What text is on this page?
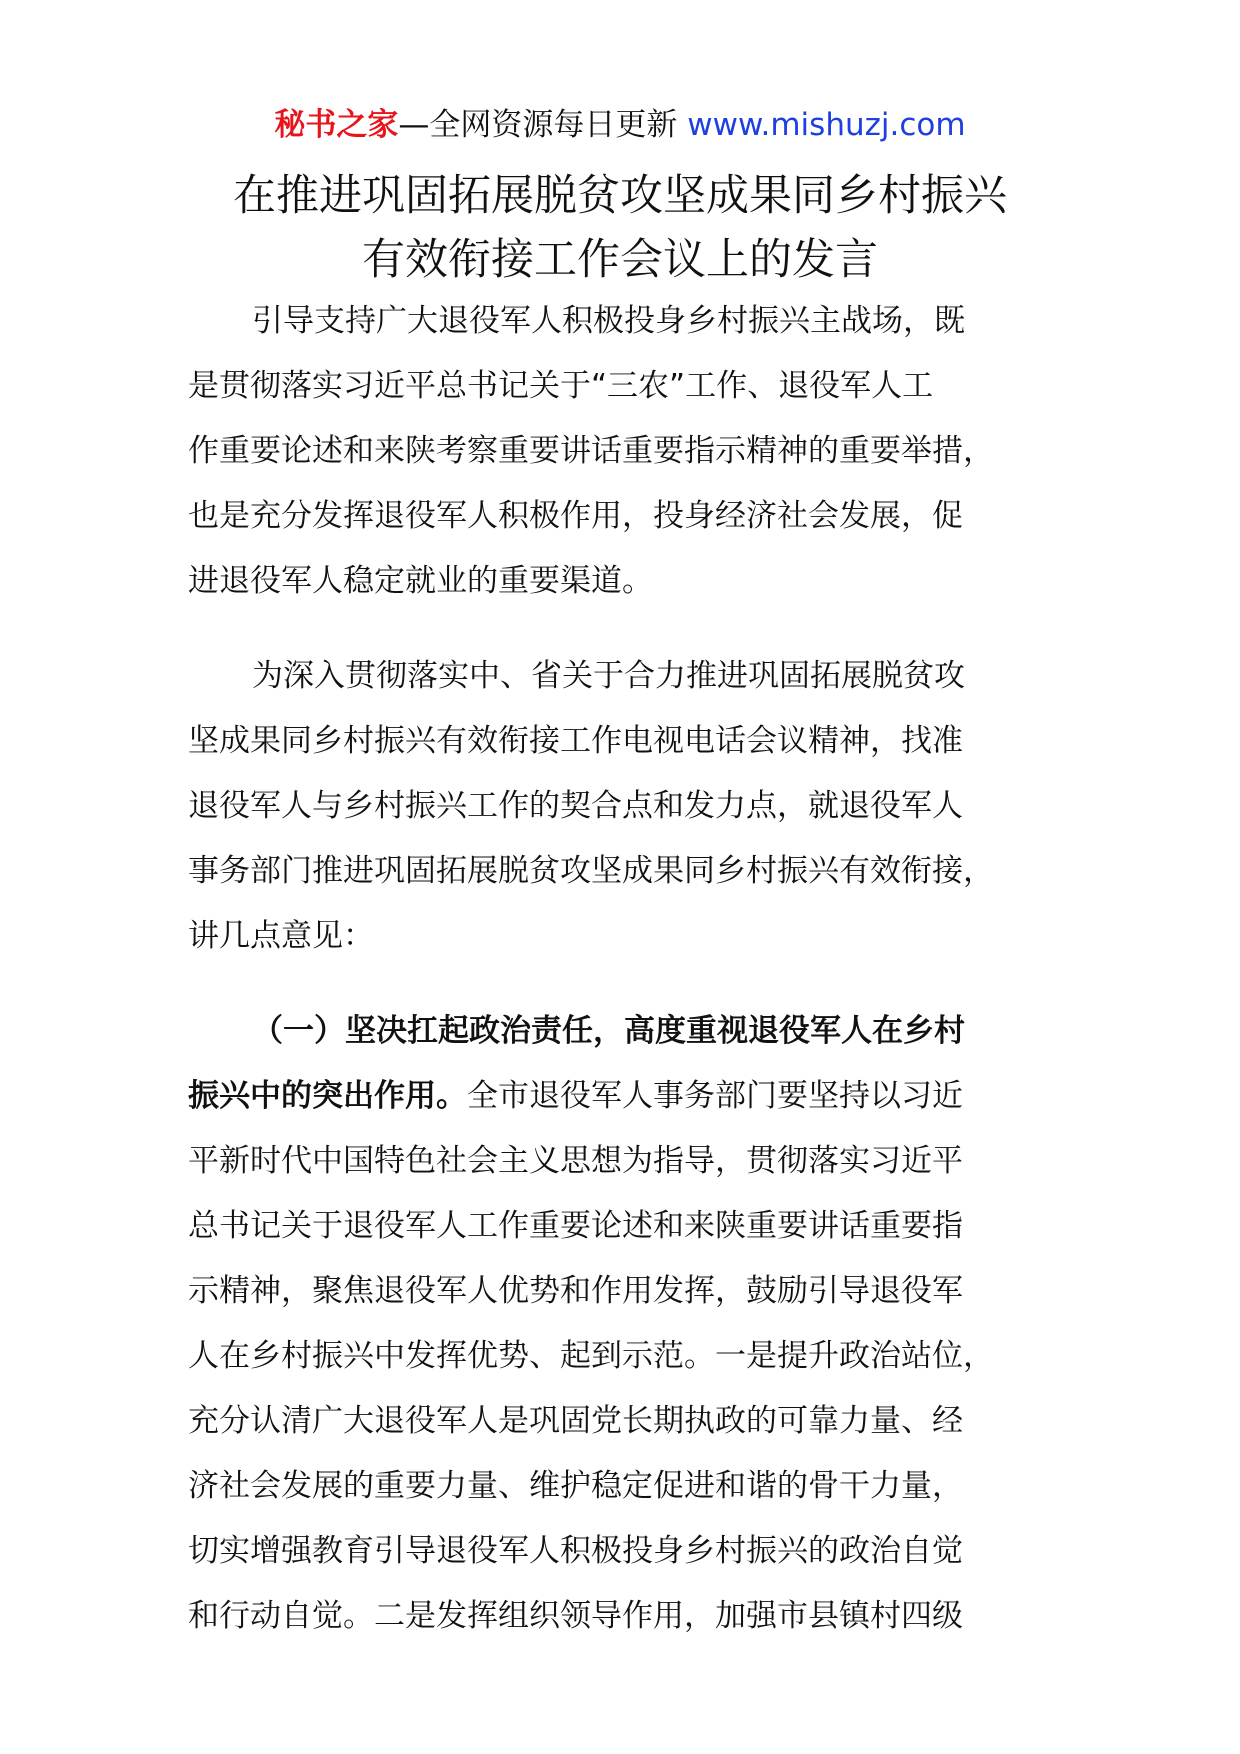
秘书之家—全网资源每日更新 www.mishuzj.com
在推进巩固拓展脱贫攻坚成果同乡村振兴
有效衔接工作会议上的发言
引导支持广大退役军人积极投身乡村振兴主战场，既
是贯彻落实习近平总书记关于“三农”工作、退役军人工
作重要论述和来陕考察重要讲话重要指示精神的重要举措，
也是充分发挥退役军人积极作用，投身经济社会发展，促
进退役军人稳定就业的重要渠道。
为深入贯彻落实中、省关于合力推进巩固拓展脱贫攻
坚成果同乡村振兴有效衔接工作电视电话会议精神，找准
退役军人与乡村振兴工作的契合点和发力点，就退役军人
事务部门推进巩固拓展脱贫攻坚成果同乡村振兴有效衔接，
讲几点意见：
（一）坚决扛起政治责任，高度重视退役军人在乡村
振兴中的突出作用。全市退役军人事务部门要坚持以习近
平新时代中国特色社会主义思想为指导，贯彻落实习近平
总书记关于退役军人工作重要论述和来陕重要讲话重要指
示精神，聚焦退役军人优势和作用发挥，鼓励引导退役军
人在乡村振兴中发挥优势、起到示范。一是提升政治站位，
充分认清广大退役军人是巩固党长期执政的可靠力量、经
济社会发展的重要力量、维护稳定促进和谐的骨干力量，
切实增强教育引导退役军人积极投身乡村振兴的政治自觉
和行动自觉。二是发挥组织领导作用，加强市县镇村四级
